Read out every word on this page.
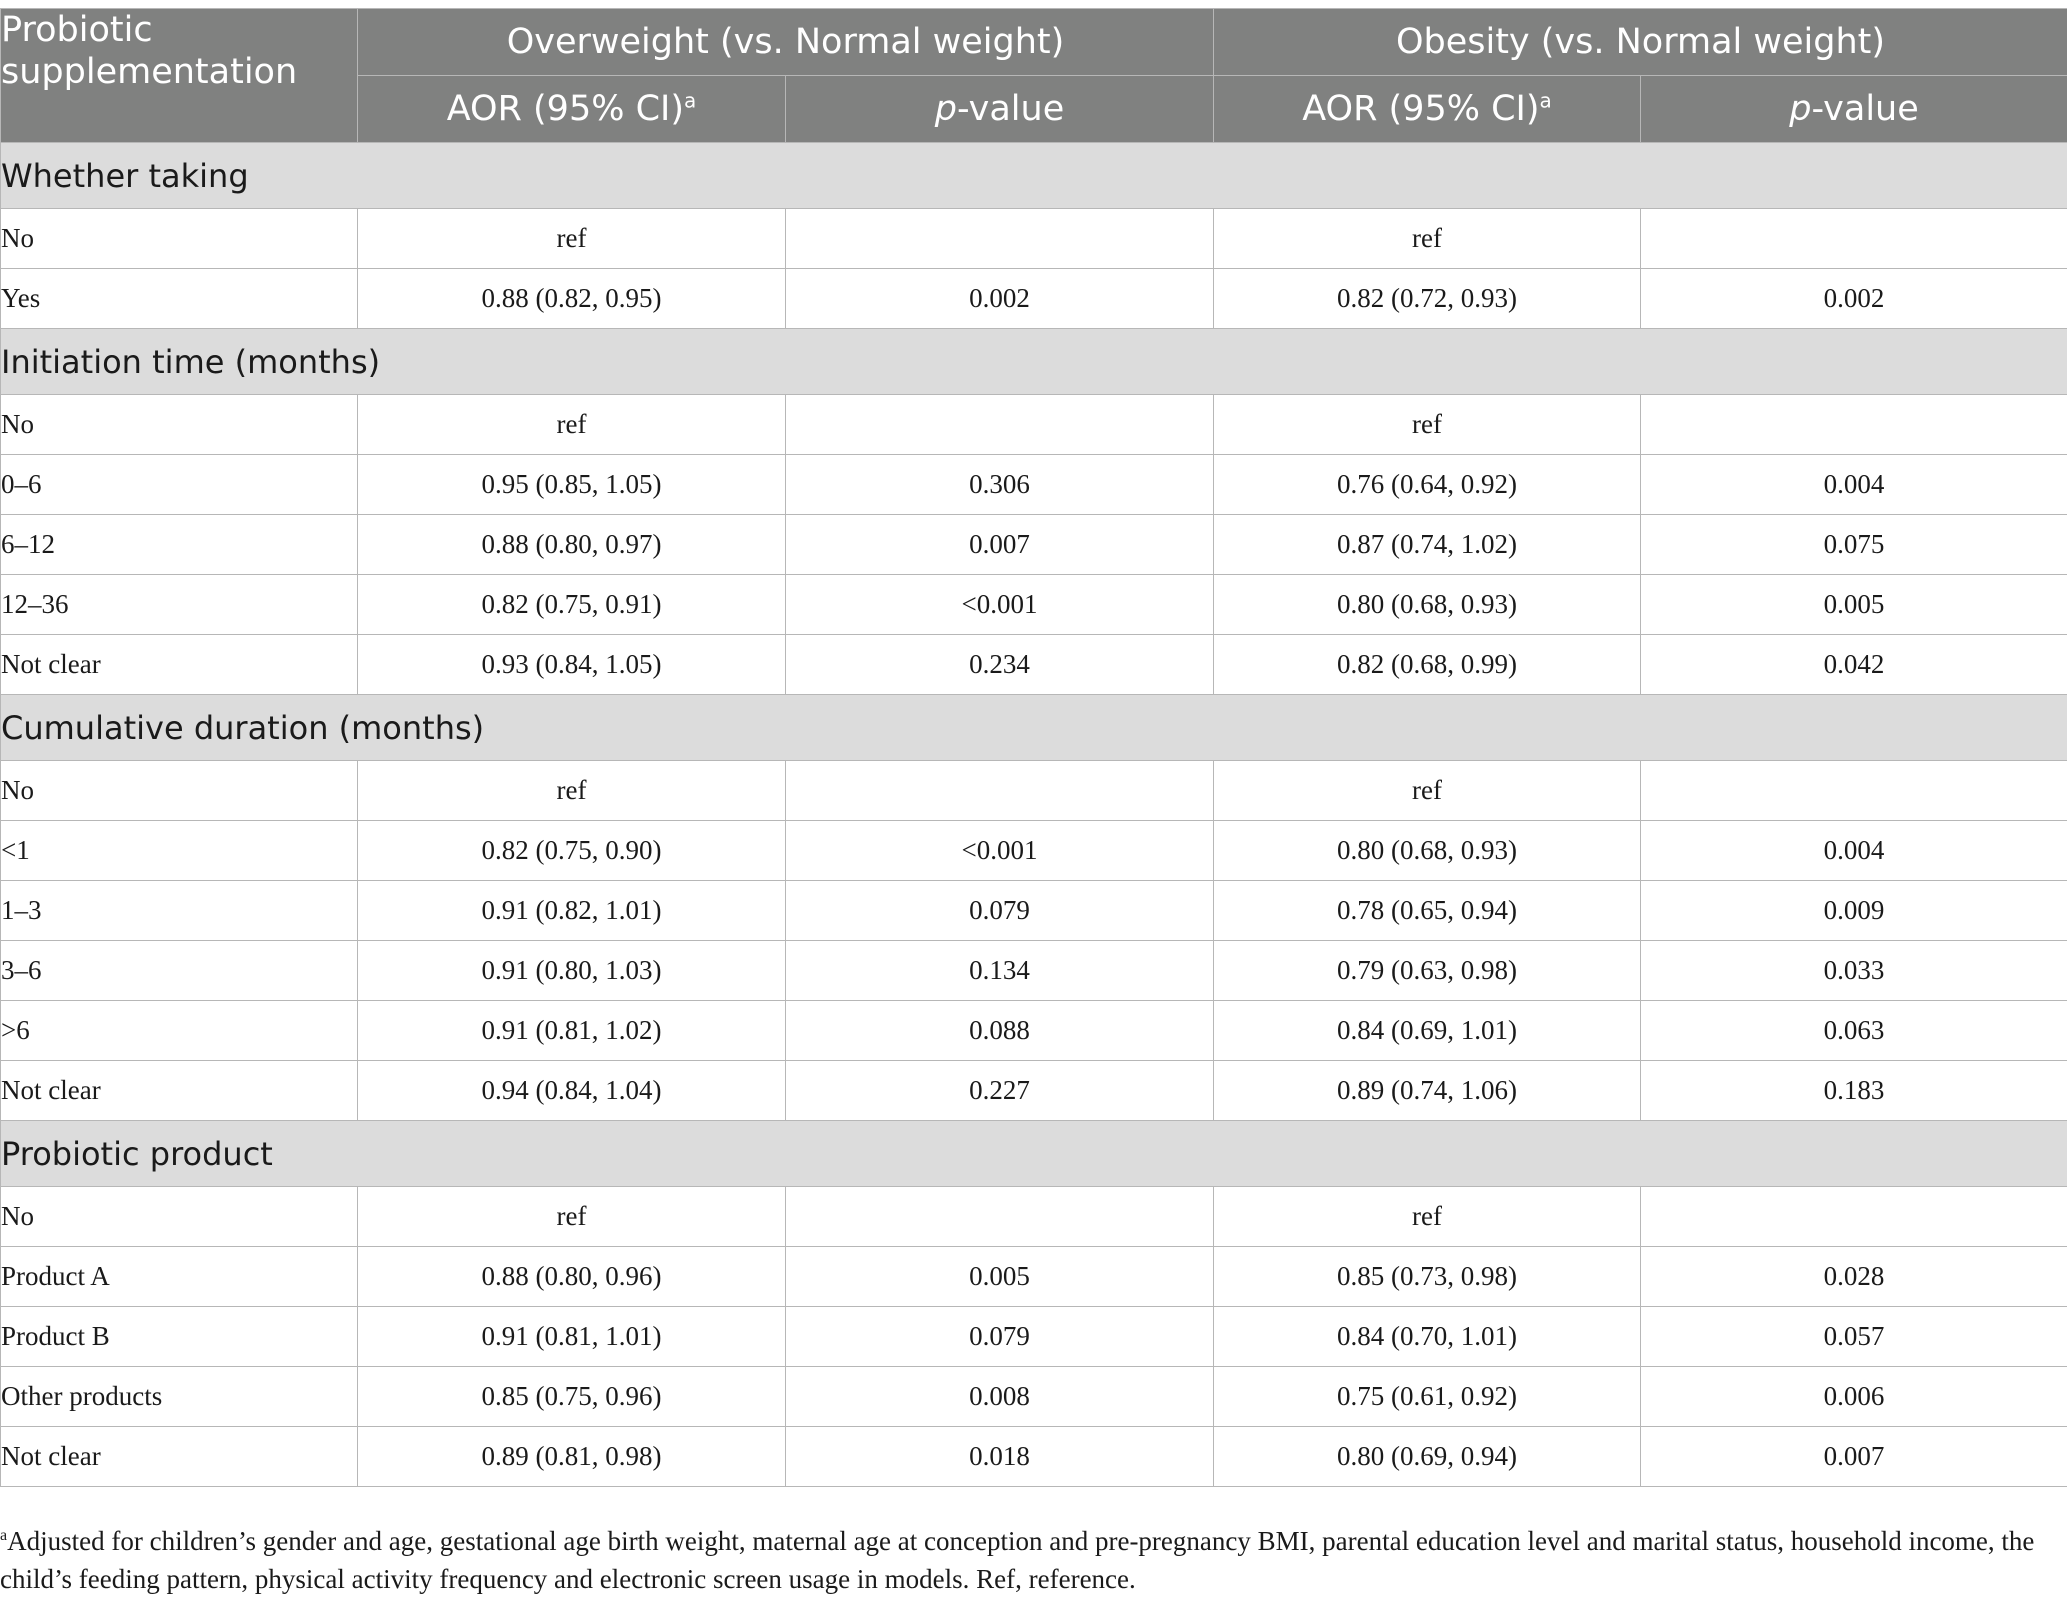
Probiotic supplementation	Overweight (vs. Normal weight)		Obesity (vs. Normal weight)	
	AOR (95% CI)$^a$	p-value	AOR (95% CI)$^a$	p-value
Whether taking				
No	ref		ref	
Yes	0.88 (0.82, 0.95)	0.002	0.82 (0.72, 0.93)	0.002
Initiation time (months)				
No	ref		ref	
0–6	0.95 (0.85, 1.05)	0.306	0.76 (0.64, 0.92)	0.004
6–12	0.88 (0.80, 0.97)	0.007	0.87 (0.74, 1.02)	0.075
12–36	0.82 (0.75, 0.91)	<0.001	0.80 (0.68, 0.93)	0.005
Not clear	0.93 (0.84, 1.05)	0.234	0.82 (0.68, 0.99)	0.042
Cumulative duration (months)				
No	ref		ref	
<1	0.82 (0.75, 0.90)	<0.001	0.80 (0.68, 0.93)	0.004
1–3	0.91 (0.82, 1.01)	0.079	0.78 (0.65, 0.94)	0.009
3–6	0.91 (0.80, 1.03)	0.134	0.79 (0.63, 0.98)	0.033
>6	0.91 (0.81, 1.02)	0.088	0.84 (0.69, 1.01)	0.063
Not clear	0.94 (0.84, 1.04)	0.227	0.89 (0.74, 1.06)	0.183
Probiotic product				
No	ref		ref	
Product A	0.88 (0.80, 0.96)	0.005	0.85 (0.73, 0.98)	0.028
Product B	0.91 (0.81, 1.01)	0.079	0.84 (0.70, 1.01)	0.057
Other products	0.85 (0.75, 0.96)	0.008	0.75 (0.61, 0.92)	0.006
Not clear	0.89 (0.81, 0.98)	0.018	0.80 (0.69, 0.94)	0.007
$^a$Adjusted for children’s gender and age, gestational age birth weight, maternal age at conception and pre-pregnancy BMI, parental education level and marital status, household income, the child’s feeding pattern, physical activity frequency and electronic screen usage in models. Ref, reference.
